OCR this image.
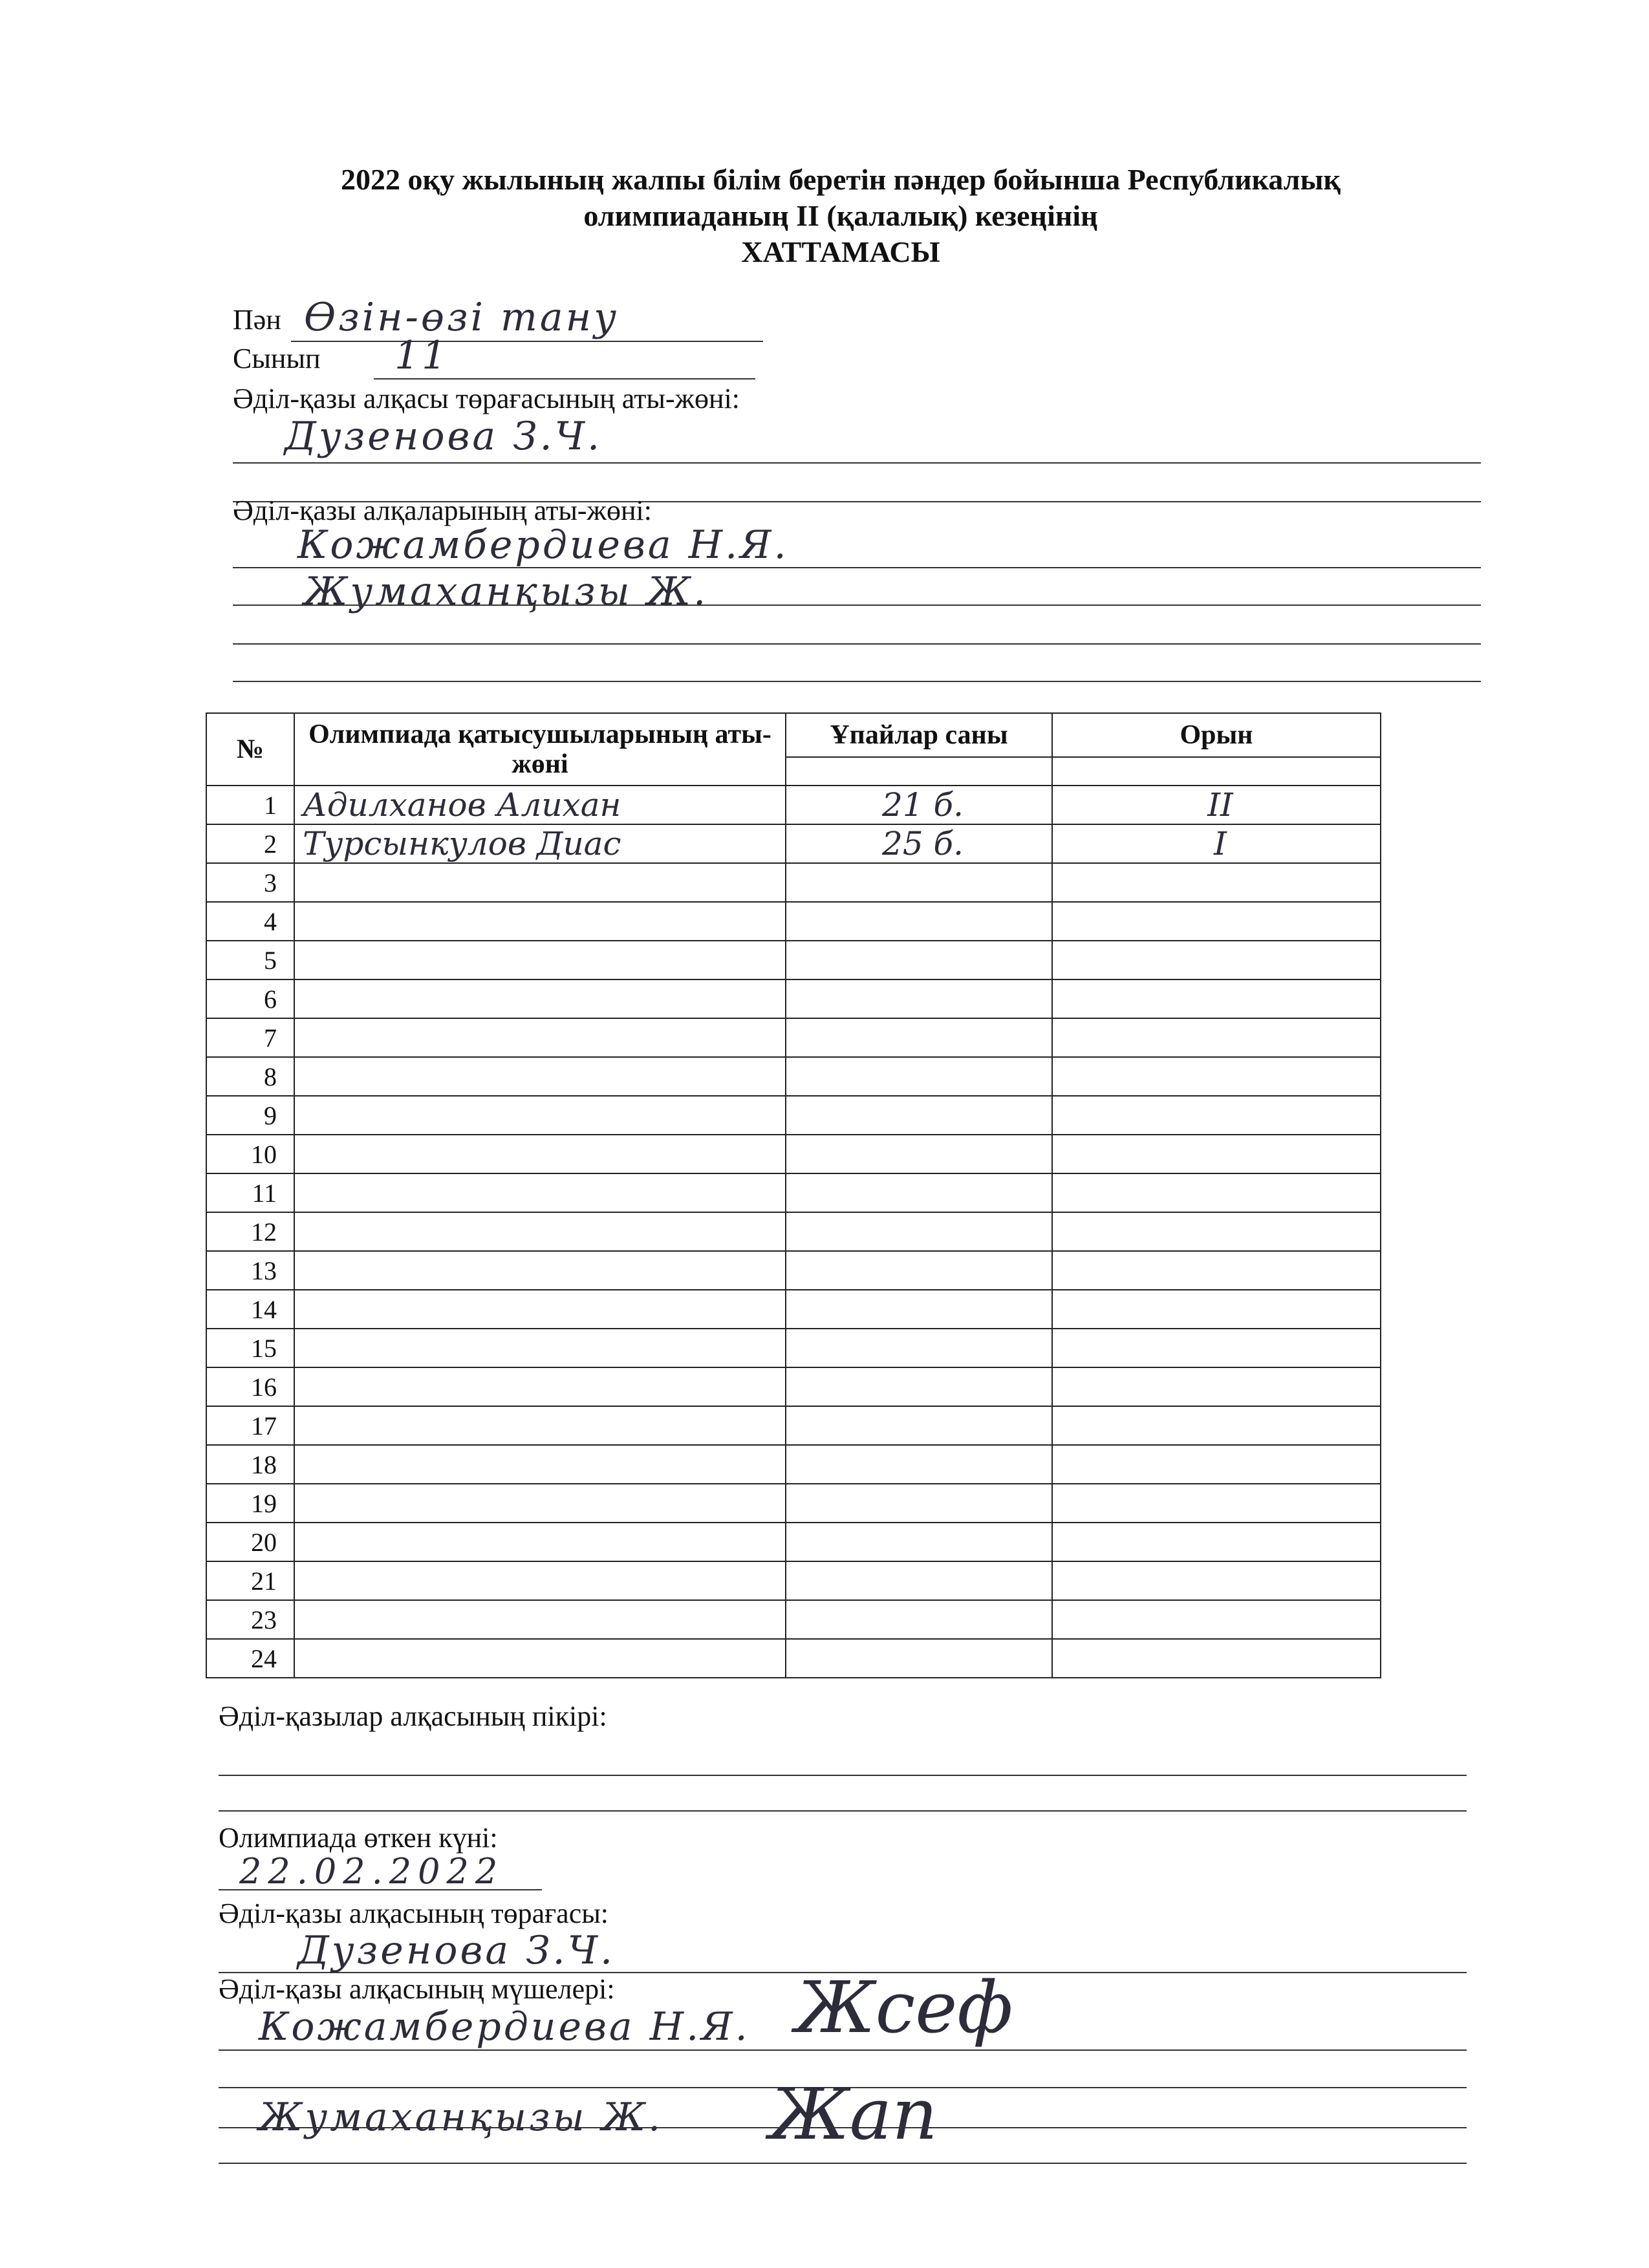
2022 оқу жылының жалпы білім беретін пәндер бойынша Республикалық
олимпиаданың II (қалалық) кезеңінің
ХАТТАМАСЫ
Пән Өзін-өзі тану
Сынып 11
Әділ-қазы алқасы төрағасының аты-жөні:
Дузенова З.Ч.
Әділ-қазы алқаларының аты-жөні:
Кожамбердиева Н.Я.
Жумаханқызы Ж.
№	Олимпиада қатысушыларының аты-жөні	Ұпайлар саны	Орын

1	Адилханов Алихан	21 б.	II
2	Турсынкулов Диас	25 б.	I
3			
4			
5			
6			
7			
8			
9			
10			
11			
12			
13			
14			
15			
16			
17			
18			
19			
20			
21			
23			
24			
Әділ-қазылар алқасының пікірі:
Олимпиада өткен күні:
22.02.2022
Әділ-қазы алқасының төрағасы:
Дузенова З.Ч.
Әділ-қазы алқасының мүшелері:
Кожамбердиева Н.Я. Жсеф
Жумаханқызы Ж. Жап
